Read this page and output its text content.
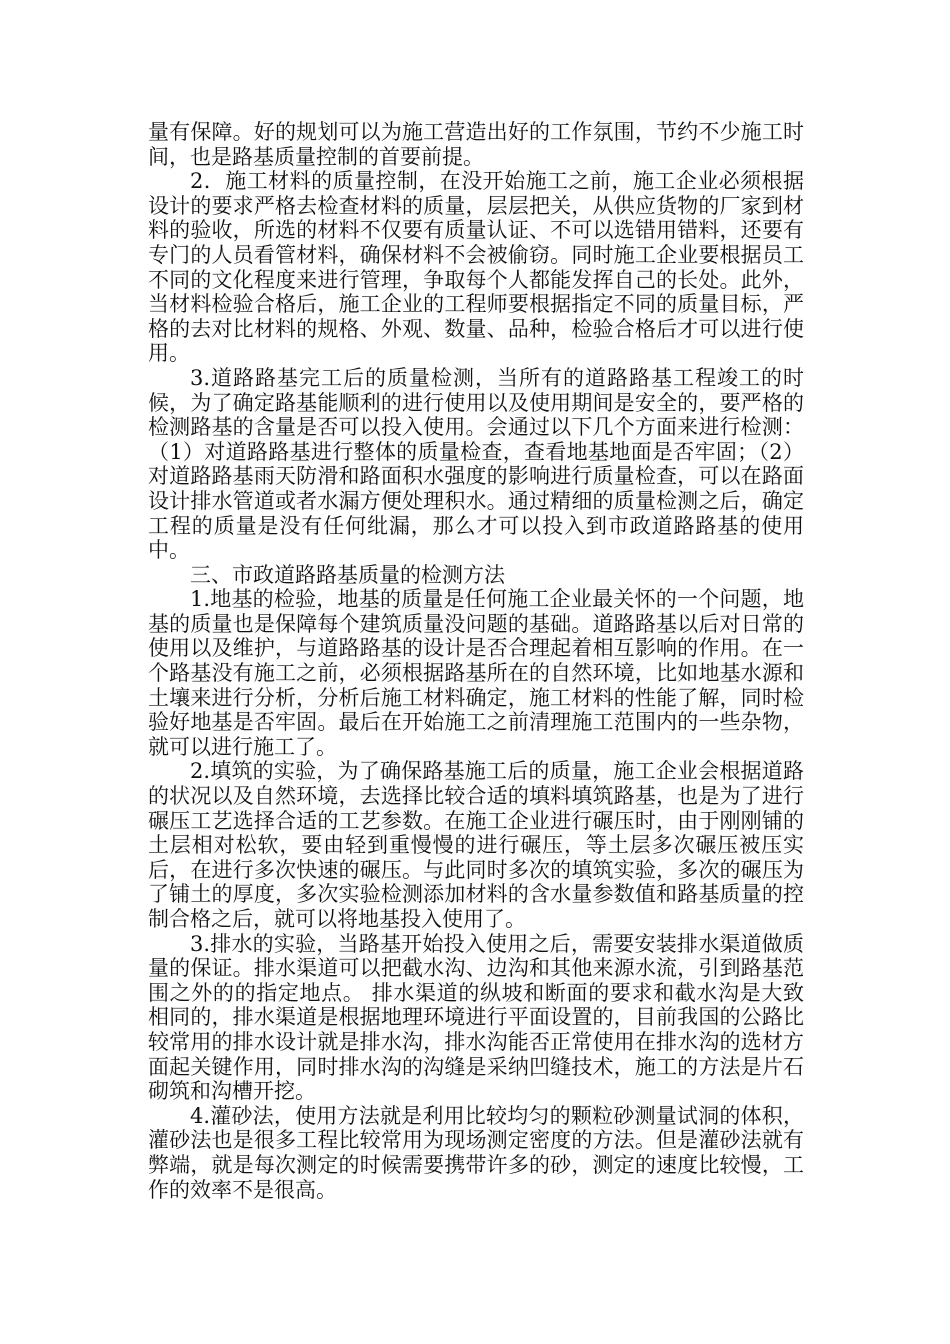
量有保障。好的规划可以为施工营造出好的工作氛围，节约不少施工时间，也是路基质量控制的首要前提。

2．施工材料的质量控制，在没开始施工之前，施工企业必须根据设计的要求严格去检查材料的质量，层层把关，从供应货物的厂家到材料的验收，所选的材料不仅要有质量认证、不可以选错用错料，还要有专门的人员看管材料，确保材料不会被偷窃。同时施工企业要根据员工不同的文化程度来进行管理，争取每个人都能发挥自己的长处。此外，当材料检验合格后，施工企业的工程师要根据指定不同的质量目标，严格的去对比材料的规格、外观、数量、品种，检验合格后才可以进行使用。

3.道路路基完工后的质量检测，当所有的道路路基工程竣工的时候，为了确定路基能顺利的进行使用以及使用期间是安全的，要严格的检测路基的含量是否可以投入使用。会通过以下几个方面来进行检测：（1）对道路路基进行整体的质量检查，查看地基地面是否牢固；（2）对道路路基雨天防滑和路面积水强度的影响进行质量检查，可以在路面设计排水管道或者水漏方便处理积水。通过精细的质量检测之后，确定工程的质量是没有任何纰漏，那么才可以投入到市政道路路基的使用中。

三、市政道路路基质量的检测方法

1.地基的检验，地基的质量是任何施工企业最关怀的一个问题，地基的质量也是保障每个建筑质量没问题的基础。道路路基以后对日常的使用以及维护，与道路路基的设计是否合理起着相互影响的作用。在一个路基没有施工之前，必须根据路基所在的自然环境，比如地基水源和土壤来进行分析，分析后施工材料确定，施工材料的性能了解，同时检验好地基是否牢固。最后在开始施工之前清理施工范围内的一些杂物，就可以进行施工了。

2.填筑的实验，为了确保路基施工后的质量，施工企业会根据道路的状况以及自然环境，去选择比较合适的填料填筑路基，也是为了进行碾压工艺选择合适的工艺参数。在施工企业进行碾压时，由于刚刚铺的土层相对松软，要由轻到重慢慢的进行碾压，等土层多次碾压被压实后，在进行多次快速的碾压。与此同时多次的填筑实验，多次的碾压为了铺土的厚度，多次实验检测添加材料的含水量参数值和路基质量的控制合格之后，就可以将地基投入使用了。

3.排水的实验，当路基开始投入使用之后，需要安装排水渠道做质量的保证。排水渠道可以把截水沟、边沟和其他来源水流，引到路基范围之外的的指定地点。 排水渠道的纵坡和断面的要求和截水沟是大致相同的，排水渠道是根据地理环境进行平面设置的，目前我国的公路比较常用的排水设计就是排水沟，排水沟能否正常使用在排水沟的选材方面起关键作用，同时排水沟的沟缝是采纳凹缝技术，施工的方法是片石砌筑和沟槽开挖。

4.灌砂法，使用方法就是利用比较均匀的颗粒砂测量试洞的体积，灌砂法也是很多工程比较常用为现场测定密度的方法。但是灌砂法就有弊端，就是每次测定的时候需要携带许多的砂，测定的速度比较慢，工作的效率不是很高。
